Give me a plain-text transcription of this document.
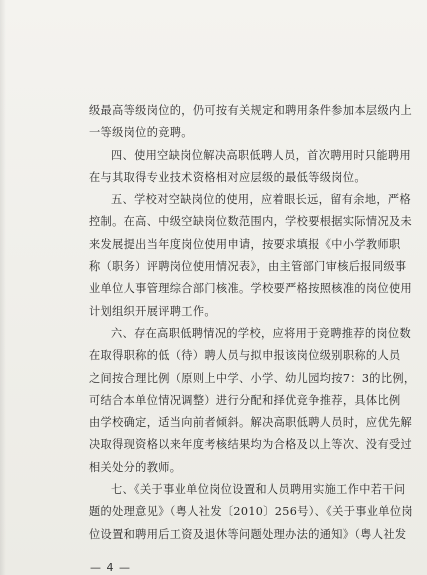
级最高等级岗位的，仍可按有关规定和聘用条件参加本层级内上
一等级岗位的竞聘。
四、使用空缺岗位解决高职低聘人员，首次聘用时只能聘用
在与其取得专业技术资格相对应层级的最低等级岗位。
五、学校对空缺岗位的使用，应着眼长远，留有余地，严格
控制。在高、中级空缺岗位数范围内，学校要根据实际情况及未
来发展提出当年度岗位使用申请，按要求填报《中小学教师职
称（职务）评聘岗位使用情况表》，由主管部门审核后报同级事
业单位人事管理综合部门核准。学校要严格按照核准的岗位使用
计划组织开展评聘工作。
六、存在高职低聘情况的学校，应将用于竞聘推荐的岗位数
在取得职称的低（待）聘人员与拟申报该岗位级别职称的人员
之间按合理比例（原则上中学、小学、幼儿园均按7：3的比例，
可结合本单位情况调整）进行分配和择优竞争推荐，具体比例
由学校确定，适当向前者倾斜。解决高职低聘人员时，应优先解
决取得现资格以来年度考核结果均为合格及以上等次、没有受过
相关处分的教师。
七、《关于事业单位岗位设置和人员聘用实施工作中若干问
题的处理意见》（粤人社发〔2010〕256号）、《关于事业单位岗
位设置和聘用后工资及退休等问题处理办法的通知》（粤人社发
— 4 —
